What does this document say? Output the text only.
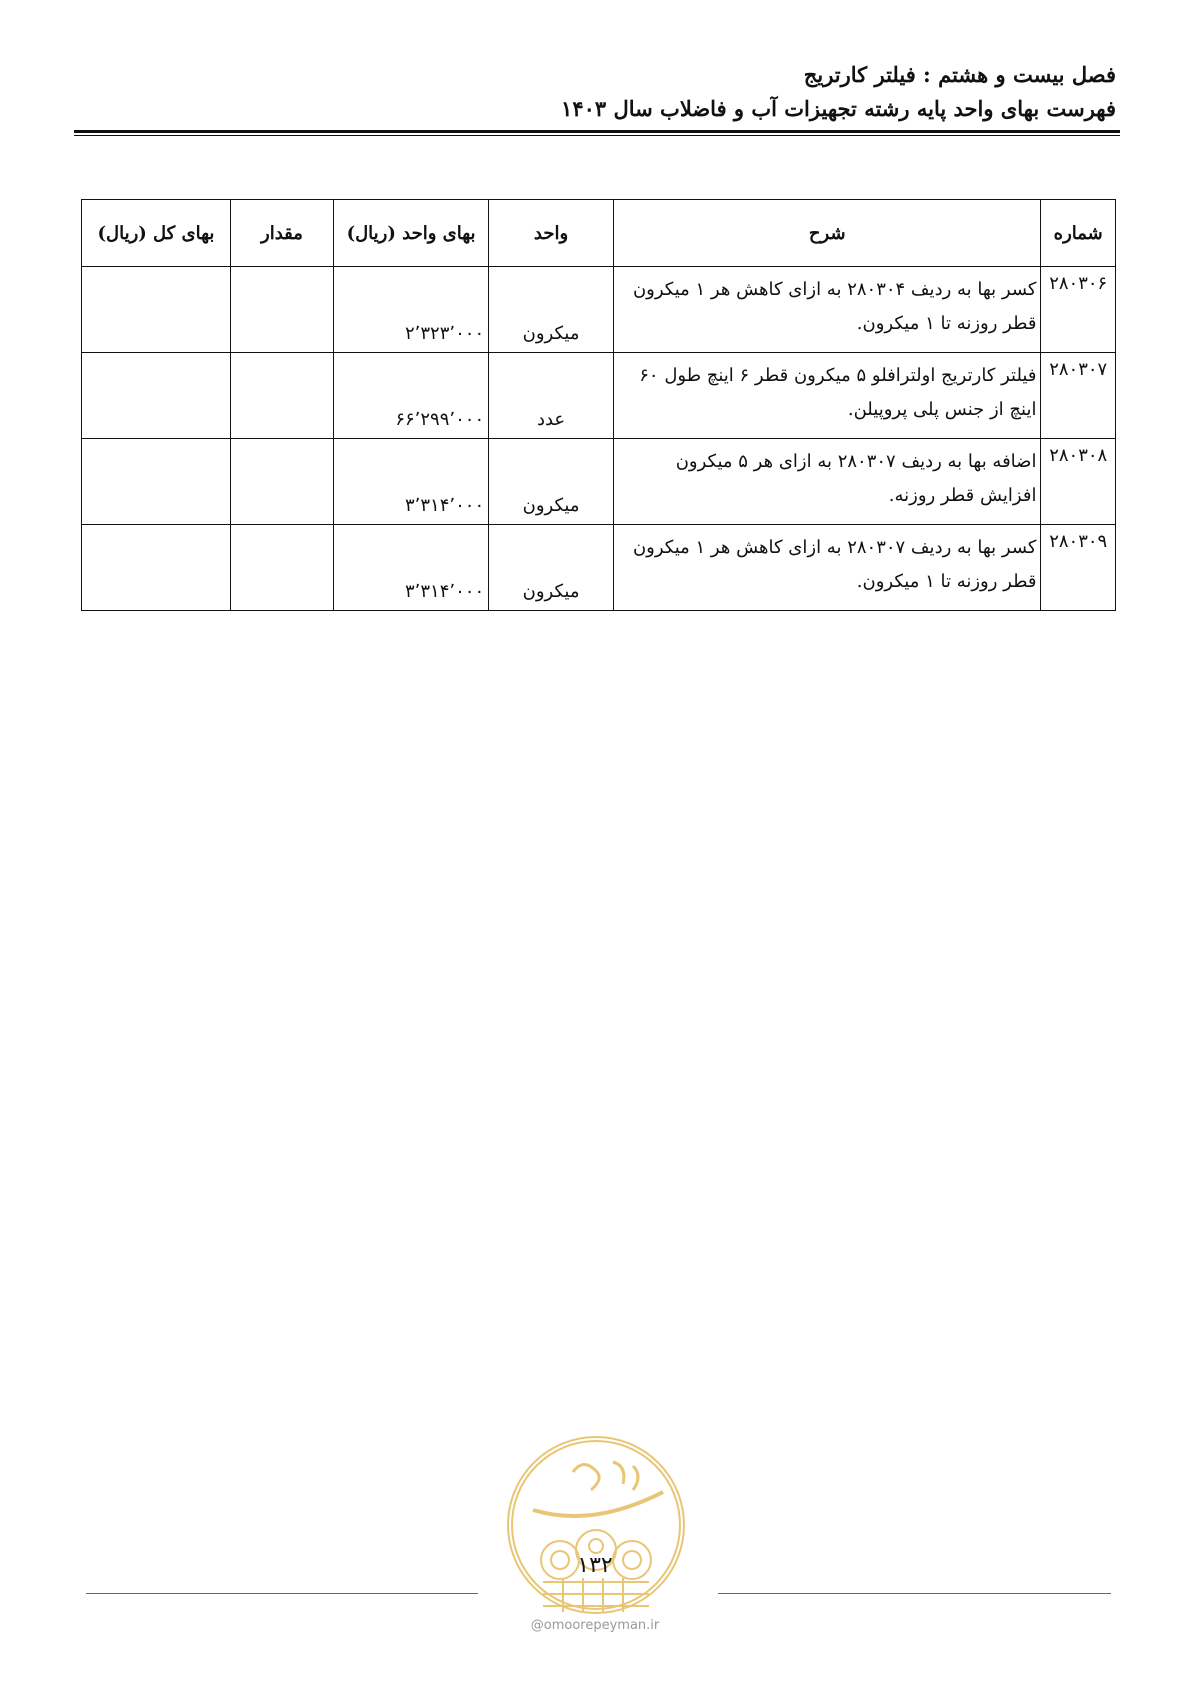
فصل بیست و هشتم : فیلتر کارتریج
فهرست بهای واحد پایه رشته تجهیزات آب و فاضلاب سال ۱۴۰۳
شماره	شرح	واحد	بهای واحد (ریال)	مقدار	بهای کل (ریال)
۲۸۰۳۰۶	کسر بها به ردیف ۲۸۰۳۰۴ به ازای کاهش هر ۱ میکرون قطر روزنه تا ۱ میکرون.	میکرون	۲٬۳۲۳٬۰۰۰		
۲۸۰۳۰۷	فیلتر کارتریج اولترافلو ۵ میکرون قطر ۶ اینچ طول ۶۰ اینچ از جنس پلی پروپیلن.	عدد	۶۶٬۲۹۹٬۰۰۰		
۲۸۰۳۰۸	اضافه بها به ردیف ۲۸۰۳۰۷ به ازای هر ۵ میکرون افزایش قطر روزنه.	میکرون	۳٬۳۱۴٬۰۰۰		
۲۸۰۳۰۹	کسر بها به ردیف ۲۸۰۳۰۷ به ازای کاهش هر ۱ میکرون قطر روزنه تا ۱ میکرون.	میکرون	۳٬۳۱۴٬۰۰۰		
۱۳۲
@omoorepeyman.ir
